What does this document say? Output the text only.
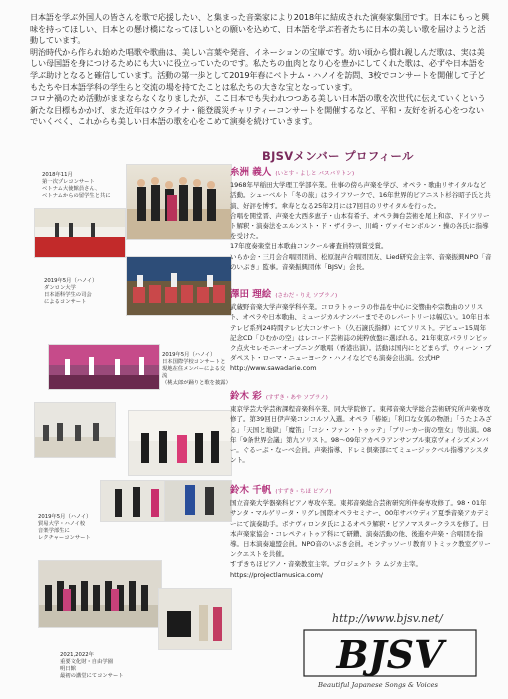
日本語を学ぶ外国人の皆さんを歌で応援したい、と集まった音楽家により2018年に結成された演奏家集団です。日本にもっと興味を持ってほしい、日本との懸け橋になってほしいとの願いを込めて、日本語を学ぶ若者たちに日本の美しい歌を届けようと活動しています。

明治時代から作られ始めた唱歌や歌曲は、美しい言葉や発音、イネーションの宝庫です。幼い頃から慣れ親しんだ歌は、実は美しい母国語を身につけるためにも大いに役立っていたのです。私たちの血肉となり心を豊かにしてくれた歌は、必ずや日本語を学ぶ助けとなると確信しています。活動の第一歩として2019年春にベトナム・ハノイを訪問、3校でコンサートを開催して子どもたちや日本語学科の学生らと交流の場を持てたことは私たちの大きな宝となっています。

コロナ禍のため活動がままならなくなりましたが、ここ日本でも失われつつある美しい日本語の歌を次世代に伝えていくという新たな目標もかかげ、また近年はウクライナ・能登震災チャリティーコンサートを開催するなど、平和・友好を祈る心をつないでいくべく、これからも美しい日本語の歌を心をこめて演奏を続けていきます。

2018年11月
第一次プレコンサート
ベトナム大使館員さん、
ベトナムからの留学生と共に
2019年5月（ハノイ）
ダンロン大学
日本語科学生の司会
によるコンサート
2019年5月（ハノイ）
日本国際学校コンサートと
現地在住メンバーによる交流
（桃太郎が踊りと歌を披露）
2019年5月（ハノイ）
貿易大学・ハノイ校
音楽学部生に
レクチャーコンサート
2021,2022年
重要文化財・自由学園
明日館
最初の講堂にてコンサート
BJSVメンバー プロフィール
糸洲 義人 (いとす・よしと バスバリトン)

1968年早稲田大学理工学部卒業。仕事の傍ら声楽を学び、オペラ・歌曲リサイタルなど活動。シューベルト「冬の旅」はライフワークで、16年世界的ピアニスト杉谷昭子氏と共演、好評を博す。傘寿となる25年2月には7回目のリサイタルを行った。
合唱を開堂晋、声楽を大西多恵子・山本有希子、オペラ舞台芸術を尾上和彦、ドイツリート解釈・演奏法をエルンスト・ド・ザイラー、川崎・ヴァイセンボルン・操の各氏に指導を受けた。
17年度奏楽堂日本歌曲コンクール審査員特別賞受賞。
いらか会・三月会合唱団団員、松原混声合唱団団友、Lied研究会主宰、音楽振興NPO「音のいぶき」監事。音楽振興団体「BJSV」会長。

澤田 理絵 (さわだ・りえ ソプラノ)

武蔵野音楽大学声楽学科卒業。コロラトゥーラの作品を中心に交響曲や宗教曲のソリスト、オペラや日本歌曲、ミュージカルナンバーまでそのレパートリーは幅広い。10年日本テレビ系列24時間テレビ大コンサート（久石譲氏指揮）にてソリスト。デビュー15周年記念CD「ひむかの空」はレコード芸術誌の純粋放盤に選ばれる。21年東京パラリンピック点火セレモニーオープニング歌唱（香港出演）。活動は国内にとどまらず、ウィーン・ブダペスト・ローマ・ニューヨーク・ハノイなどでも演奏会出演。公式HP http://www.sawadarie.com

鈴木 彩 (すずき・あや ソプラノ)

東京学芸大学芸術課程音楽科卒業、同大学院修了。東邦音楽大学総合芸術研究所声楽専攻修了。第39回日伊声楽コンコルソ入選。オペラ「椿姫」「利口な女狐の物語」「うたよみざる」「天国と地獄」「魔笛」「コシ・ファン・トゥッテ」「ブリーカー街の聖女」等出演。08年「9条世界会議」第九ソリスト。98〜09年アカペラアンサンブル東京ヴォイシズメンバー。ぐるーぷ・なーべ会員。声楽指導、ドレミ倶楽部にてミュージックベル指導アシスタント。

鈴木 千帆 (すずき・ちほ ピアノ)

国立音楽大学器楽科ピアノ専攻卒業。東邦音楽総合芸術研究所伴奏専攻修了。98・01年サンタ・マルゲリータ・リグレ国際オペラセミナー、00年サバウディア夏季音楽アカデミーにて演奏助手。ボナヴィロンタ氏によるオペラ解釈・ピアノマスタークラスを修了。日本声楽家協会・コレペティトゥア科にて研鑽、演奏活動の他、後進や声楽・合唱団を指導。日本演奏連盟会員。NPO音のいぶき会員。モンテッソーリ教育リトミック教室グリーンクエストを共催。
すずきちほピアノ・音楽教室主宰。プロジェクト ラ ムジカ主宰。
https://projectlamusica.com/

http://www.bjsv.net/
BJSV
Beautiful Japanese Songs & Voices
